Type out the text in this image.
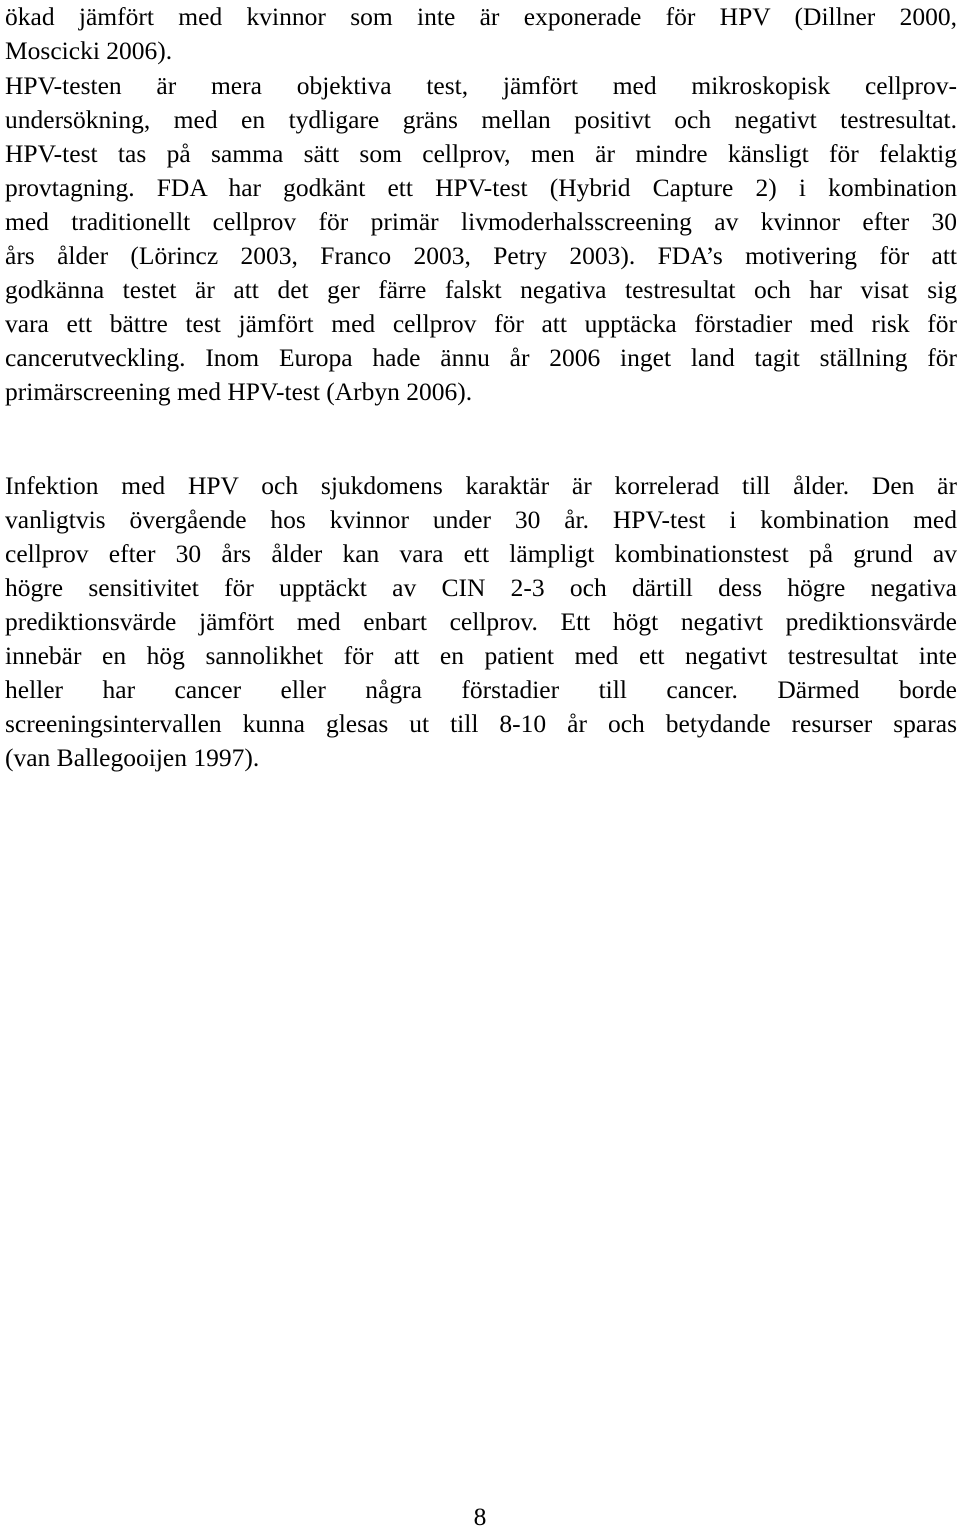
ökad jämfört med kvinnor som inte är exponerade för HPV (Dillner 2000,
Moscicki 2006).

HPV-testen är mera objektiva test, jämfört med mikroskopisk cellprov-
undersökning, med en tydligare gräns mellan positivt och negativt testresultat.
HPV-test tas på samma sätt som cellprov, men är mindre känsligt för felaktig
provtagning. FDA har godkänt ett HPV-test (Hybrid Capture 2) i kombination
med traditionellt cellprov för primär livmoderhalsscreening av kvinnor efter 30
års ålder (Lörincz 2003, Franco 2003, Petry 2003). FDA’s motivering för att
godkänna testet är att det ger färre falskt negativa testresultat och har visat sig
vara ett bättre test jämfört med cellprov för att upptäcka förstadier med risk för
cancerutveckling. Inom Europa hade ännu år 2006 inget land tagit ställning för
primärscreening med HPV-test (Arbyn 2006).

Infektion med HPV och sjukdomens karaktär är korrelerad till ålder. Den är
vanligtvis övergående hos kvinnor under 30 år. HPV-test i kombination med
cellprov efter 30 års ålder kan vara ett lämpligt kombinationstest på grund av
högre sensitivitet för upptäckt av CIN 2-3 och därtill dess högre negativa
prediktionsvärde jämfört med enbart cellprov. Ett högt negativt prediktionsvärde
innebär en hög sannolikhet för att en patient med ett negativt testresultat inte
heller har cancer eller några förstadier till cancer. Därmed borde
screeningsintervallen kunna glesas ut till 8-10 år och betydande resurser sparas
(van Ballegooijen 1997).

8
